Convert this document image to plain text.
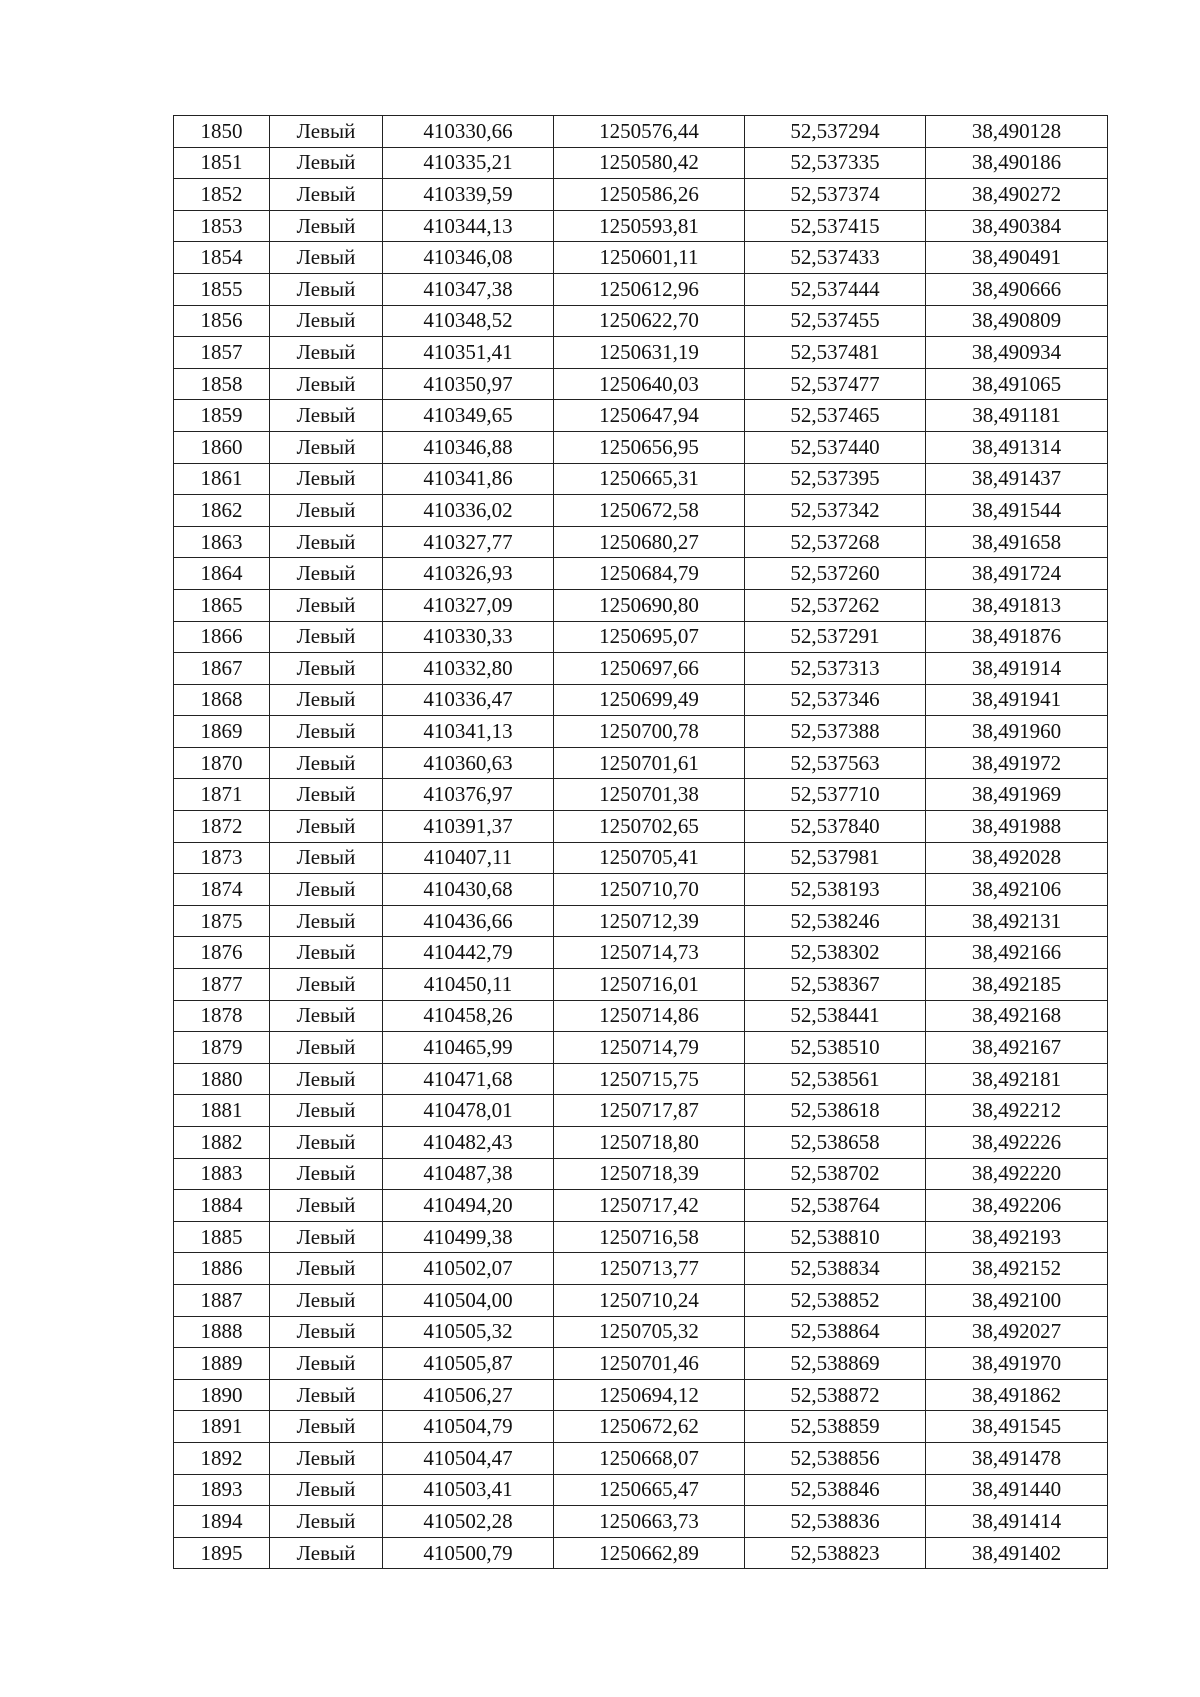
1850	Левый	410330,66	1250576,44	52,537294	38,490128
1851	Левый	410335,21	1250580,42	52,537335	38,490186
1852	Левый	410339,59	1250586,26	52,537374	38,490272
1853	Левый	410344,13	1250593,81	52,537415	38,490384
1854	Левый	410346,08	1250601,11	52,537433	38,490491
1855	Левый	410347,38	1250612,96	52,537444	38,490666
1856	Левый	410348,52	1250622,70	52,537455	38,490809
1857	Левый	410351,41	1250631,19	52,537481	38,490934
1858	Левый	410350,97	1250640,03	52,537477	38,491065
1859	Левый	410349,65	1250647,94	52,537465	38,491181
1860	Левый	410346,88	1250656,95	52,537440	38,491314
1861	Левый	410341,86	1250665,31	52,537395	38,491437
1862	Левый	410336,02	1250672,58	52,537342	38,491544
1863	Левый	410327,77	1250680,27	52,537268	38,491658
1864	Левый	410326,93	1250684,79	52,537260	38,491724
1865	Левый	410327,09	1250690,80	52,537262	38,491813
1866	Левый	410330,33	1250695,07	52,537291	38,491876
1867	Левый	410332,80	1250697,66	52,537313	38,491914
1868	Левый	410336,47	1250699,49	52,537346	38,491941
1869	Левый	410341,13	1250700,78	52,537388	38,491960
1870	Левый	410360,63	1250701,61	52,537563	38,491972
1871	Левый	410376,97	1250701,38	52,537710	38,491969
1872	Левый	410391,37	1250702,65	52,537840	38,491988
1873	Левый	410407,11	1250705,41	52,537981	38,492028
1874	Левый	410430,68	1250710,70	52,538193	38,492106
1875	Левый	410436,66	1250712,39	52,538246	38,492131
1876	Левый	410442,79	1250714,73	52,538302	38,492166
1877	Левый	410450,11	1250716,01	52,538367	38,492185
1878	Левый	410458,26	1250714,86	52,538441	38,492168
1879	Левый	410465,99	1250714,79	52,538510	38,492167
1880	Левый	410471,68	1250715,75	52,538561	38,492181
1881	Левый	410478,01	1250717,87	52,538618	38,492212
1882	Левый	410482,43	1250718,80	52,538658	38,492226
1883	Левый	410487,38	1250718,39	52,538702	38,492220
1884	Левый	410494,20	1250717,42	52,538764	38,492206
1885	Левый	410499,38	1250716,58	52,538810	38,492193
1886	Левый	410502,07	1250713,77	52,538834	38,492152
1887	Левый	410504,00	1250710,24	52,538852	38,492100
1888	Левый	410505,32	1250705,32	52,538864	38,492027
1889	Левый	410505,87	1250701,46	52,538869	38,491970
1890	Левый	410506,27	1250694,12	52,538872	38,491862
1891	Левый	410504,79	1250672,62	52,538859	38,491545
1892	Левый	410504,47	1250668,07	52,538856	38,491478
1893	Левый	410503,41	1250665,47	52,538846	38,491440
1894	Левый	410502,28	1250663,73	52,538836	38,491414
1895	Левый	410500,79	1250662,89	52,538823	38,491402
